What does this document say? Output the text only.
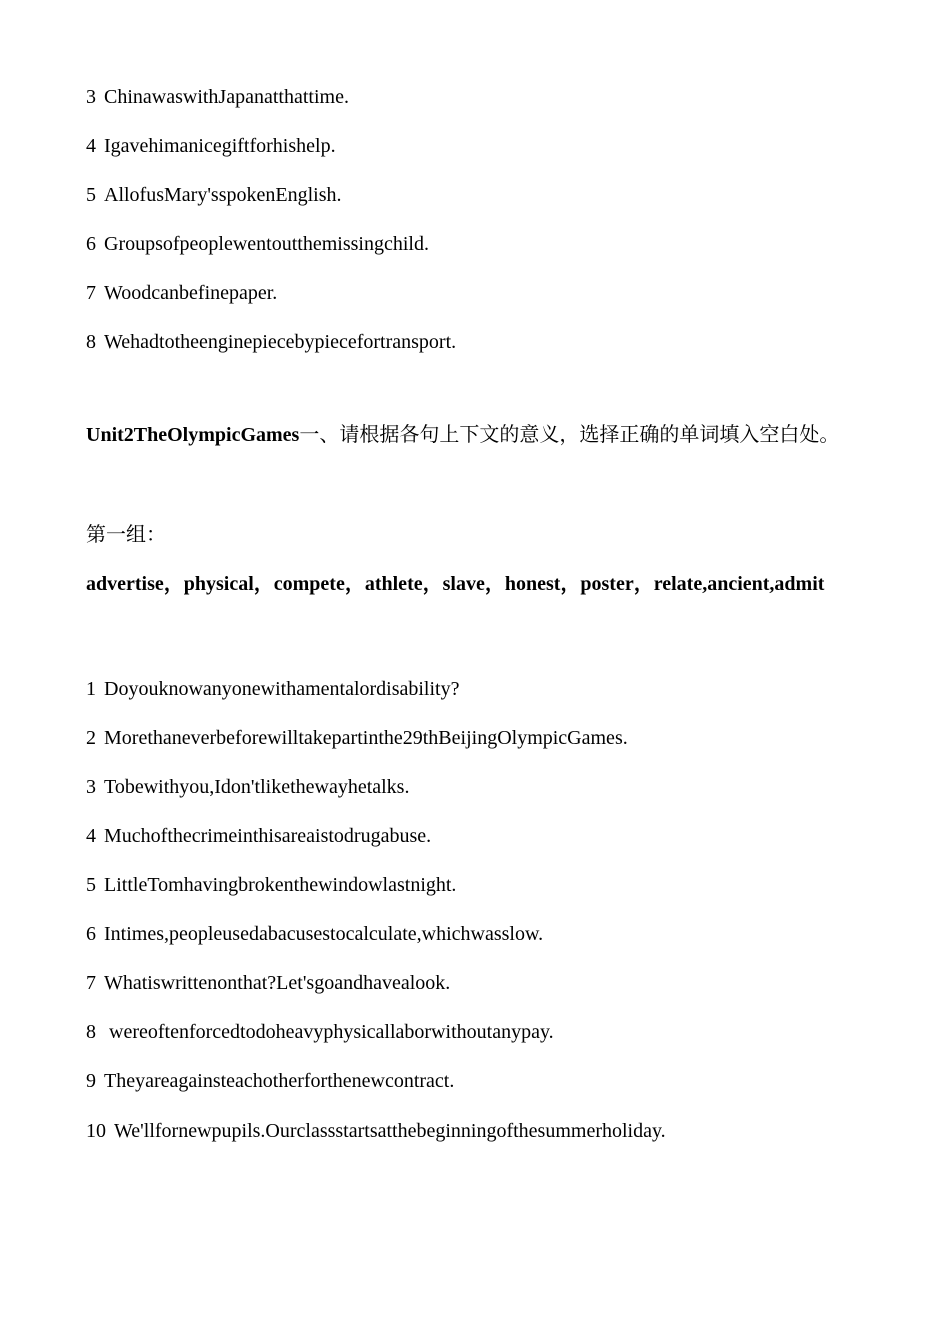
3 ChinawaswithJapanatthattime.
4 Igavehimanicegiftforhishelp.
5 AllofusMary'sspokenEnglish.
6 Groupsofpeoplewentoutthemissingchild.
7 Woodcanbefinepaper.
8 Wehadtotheenginepiecebypiecefortransport.
Unit2TheOlympicGames一、请根据各句上下文的意义，选择正确的单词填入空白处。
第一组：
advertise，physical，compete，athlete，slave，honest，poster，relate,ancient,admit
1 Doyouknowanyonewithamentalordisability?
2 Morethaneverbeforewilltakepartinthe29thBeijingOlympicGames.
3 Tobewithyou,Idon'tlikethewayhetalks.
4 Muchofthecrimeinthisareaistodrugabuse.
5 LittleTomhavingbrokenthewindowlastnight.
6 Intimes,peopleusedabacusestocalculate,whichwasslow.
7 Whatiswrittenonthat?Let'sgoandhavealook.
8 wereoftenforcedtodoheavyphysicallaborwithoutanypay.
9 Theyareagainsteachotherforthenewcontract.
10 We'llfornewpupils.Ourclassstartsatthebeginningofthesummerholiday.
